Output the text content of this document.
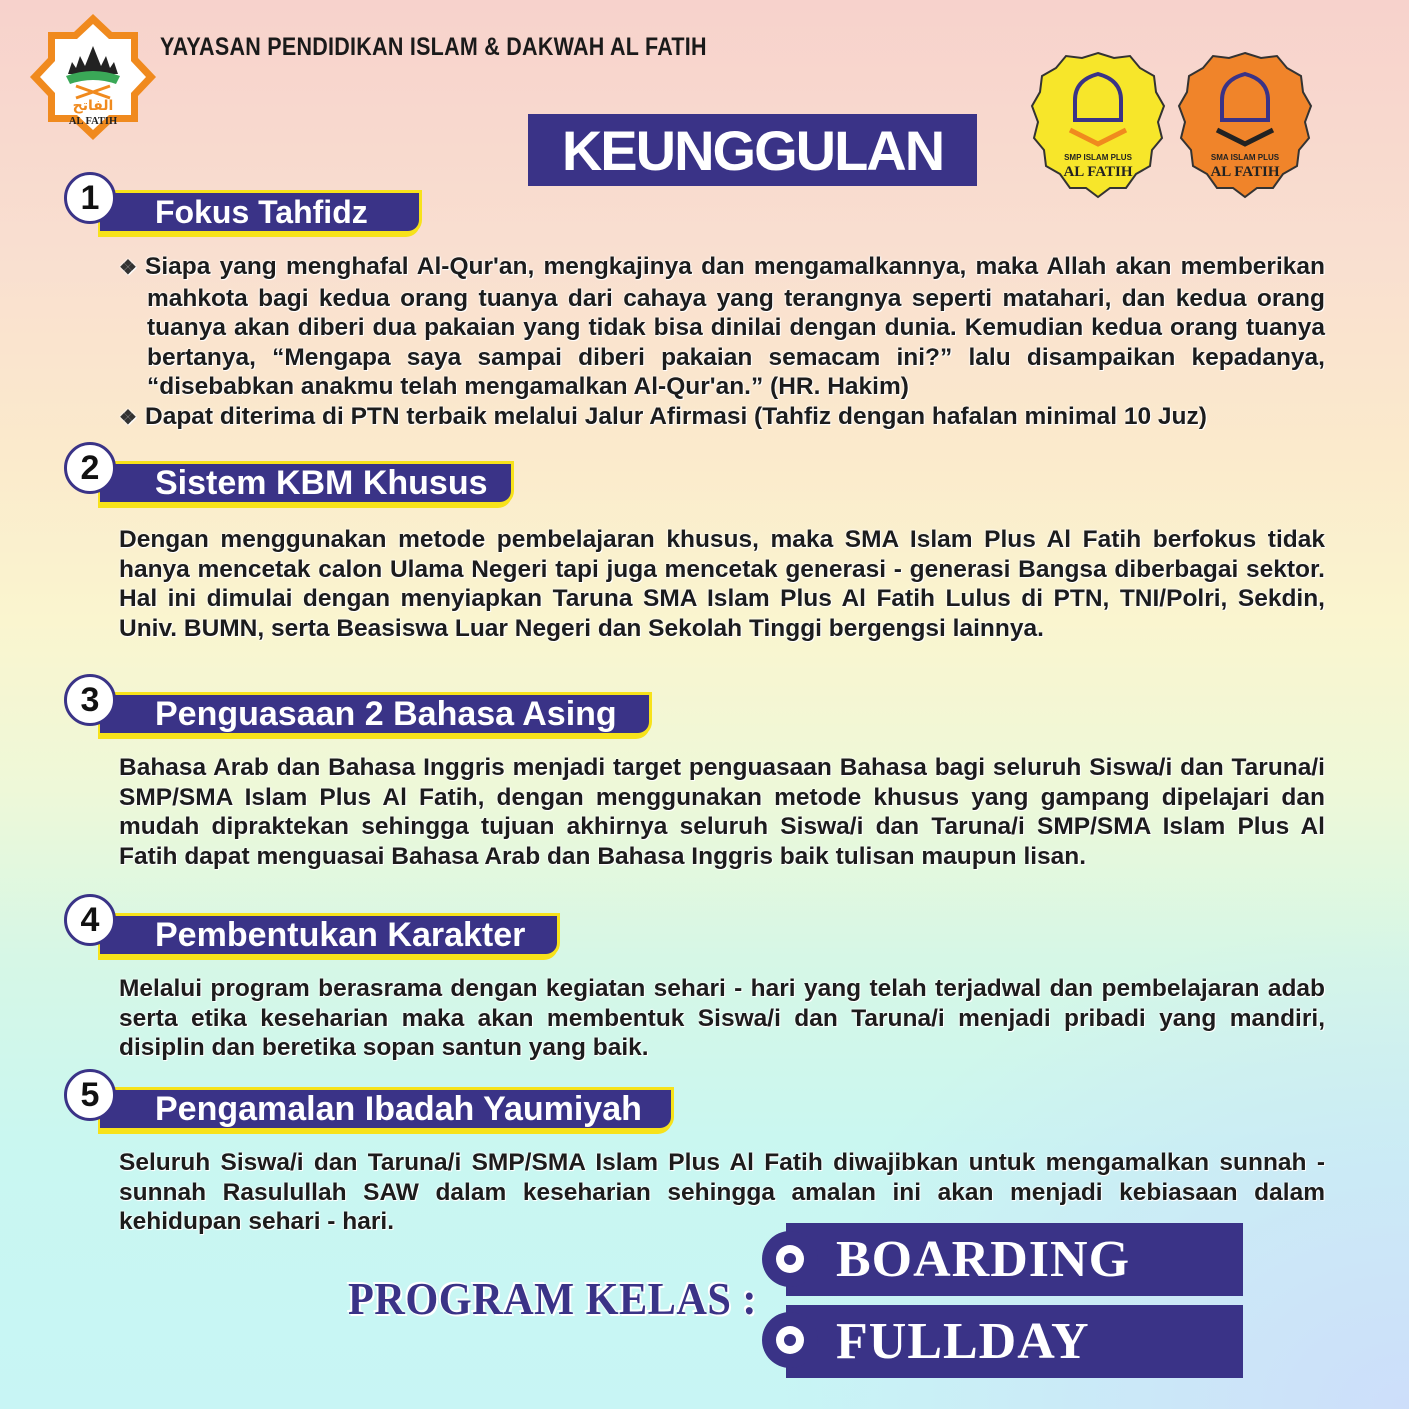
الفاتح
AL FATIH
YAYASAN PENDIDIKAN ISLAM & DAKWAH AL FATIH
KEUNGGULAN	SMP ISLAM PLUS
AL FATIH
SMA ISLAM PLUS
AL FATIH
1	Fokus Tahfidz
❖ Siapa yang menghafal Al-Qur'an, mengkajinya dan mengamalkannya, maka Allah akan memberikan mahkota bagi kedua orang tuanya dari cahaya yang terangnya seperti matahari, dan kedua orang tuanya akan diberi dua pakaian yang tidak bisa dinilai dengan dunia. Kemudian kedua orang tuanya bertanya, “Mengapa saya sampai diberi pakaian semacam ini?” lalu disampaikan kepadanya, “disebabkan anakmu telah mengamalkan Al-Qur'an.” (HR. Hakim)
❖ Dapat diterima di PTN terbaik melalui Jalur Afirmasi (Tahfiz dengan hafalan minimal 10 Juz)
2	Sistem KBM Khusus

Dengan menggunakan metode pembelajaran khusus, maka SMA Islam Plus Al Fatih berfokus tidak hanya mencetak calon Ulama Negeri tapi juga mencetak generasi - generasi Bangsa diberbagai sektor. Hal ini dimulai dengan menyiapkan Taruna SMA Islam Plus Al Fatih Lulus di PTN, TNI/Polri, Sekdin, Univ. BUMN, serta Beasiswa Luar Negeri dan Sekolah Tinggi bergengsi lainnya.

3	Penguasaan 2 Bahasa Asing

Bahasa Arab dan Bahasa Inggris menjadi target penguasaan Bahasa bagi seluruh Siswa/i dan Taruna/i SMP/SMA Islam Plus Al Fatih, dengan menggunakan metode khusus yang gampang dipelajari dan mudah dipraktekan sehingga tujuan akhirnya seluruh Siswa/i dan Taruna/i SMP/SMA Islam Plus Al Fatih dapat menguasai Bahasa Arab dan Bahasa Inggris baik tulisan maupun lisan.

4	Pembentukan Karakter

Melalui program berasrama dengan kegiatan sehari - hari yang telah terjadwal dan pembelajaran adab serta etika keseharian maka akan membentuk Siswa/i dan Taruna/i menjadi pribadi yang mandiri, disiplin dan beretika sopan santun yang baik.

5	Pengamalan Ibadah Yaumiyah

Seluruh Siswa/i dan Taruna/i SMP/SMA Islam Plus Al Fatih diwajibkan untuk mengamalkan sunnah - sunnah Rasulullah SAW dalam keseharian sehingga amalan ini akan menjadi kebiasaan dalam kehidupan sehari - hari.

PROGRAM KELAS :
BOARDING
FULLDAY
